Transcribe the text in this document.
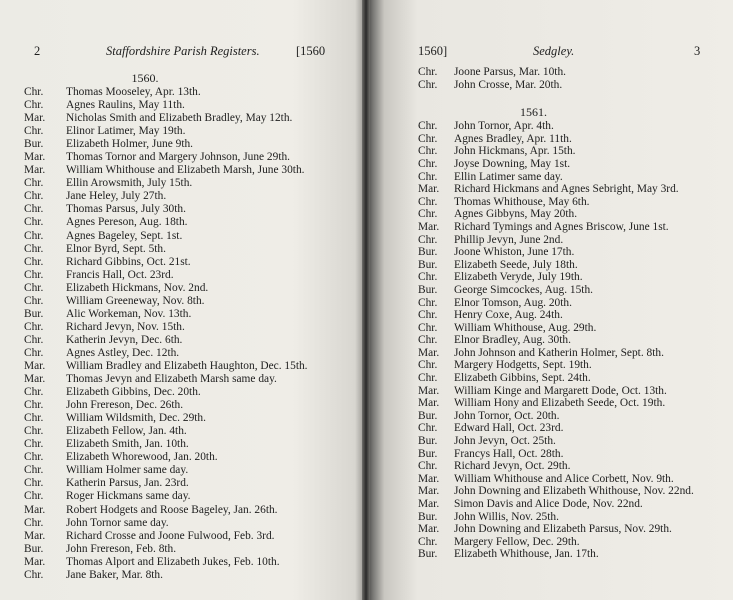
2	Staffordshire Parish Registers.	[1560
1560.
Chr.	Thomas Mooseley, Apr. 13th.
Chr.	Agnes Raulins, May 11th.
Mar.	Nicholas Smith and Elizabeth Bradley, May 12th.
Chr.	Elinor Latimer, May 19th.
Bur.	Elizabeth Holmer, June 9th.
Mar.	Thomas Tornor and Margery Johnson, June 29th.
Mar.	William Whithouse and Elizabeth Marsh, June 30th.
Chr.	Ellin Arowsmith, July 15th.
Chr.	Jane Heley, July 27th.
Chr.	Thomas Parsus, July 30th.
Chr.	Agnes Pereson, Aug. 18th.
Chr.	Agnes Bageley, Sept. 1st.
Chr.	Elnor Byrd, Sept. 5th.
Chr.	Richard Gibbins, Oct. 21st.
Chr.	Francis Hall, Oct. 23rd.
Chr.	Elizabeth Hickmans, Nov. 2nd.
Chr.	William Greeneway, Nov. 8th.
Bur.	Alic Workeman, Nov. 13th.
Chr.	Richard Jevyn, Nov. 15th.
Chr.	Katherin Jevyn, Dec. 6th.
Chr.	Agnes Astley, Dec. 12th.
Mar.	William Bradley and Elizabeth Haughton, Dec. 15th.
Mar.	Thomas Jevyn and Elizabeth Marsh same day.
Chr.	Elizabeth Gibbins, Dec. 20th.
Chr.	John Frereson, Dec. 26th.
Chr.	William Wildsmith, Dec. 29th.
Chr.	Elizabeth Fellow, Jan. 4th.
Chr.	Elizabeth Smith, Jan. 10th.
Chr.	Elizabeth Whorewood, Jan. 20th.
Chr.	William Holmer same day.
Chr.	Katherin Parsus, Jan. 23rd.
Chr.	Roger Hickmans same day.
Mar.	Robert Hodgets and Roose Bageley, Jan. 26th.
Chr.	John Tornor same day.
Mar.	Richard Crosse and Joone Fulwood, Feb. 3rd.
Bur.	John Frereson, Feb. 8th.
Mar.	Thomas Alport and Elizabeth Jukes, Feb. 10th.
Chr.	Jane Baker, Mar. 8th.
1560]	Sedgley.	3
Chr.	Joone Parsus, Mar. 10th.
Chr.	John Crosse, Mar. 20th.
1561.
Chr.	John Tornor, Apr. 4th.
Chr.	Agnes Bradley, Apr. 11th.
Chr.	John Hickmans, Apr. 15th.
Chr.	Joyse Downing, May 1st.
Chr.	Ellin Latimer same day.
Mar.	Richard Hickmans and Agnes Sebright, May 3rd.
Chr.	Thomas Whithouse, May 6th.
Chr.	Agnes Gibbyns, May 20th.
Mar.	Richard Tymings and Agnes Briscow, June 1st.
Chr.	Phillip Jevyn, June 2nd.
Bur.	Joone Whiston, June 17th.
Bur.	Elizabeth Seede, July 18th.
Chr.	Elizabeth Veryde, July 19th.
Bur.	George Simcockes, Aug. 15th.
Chr.	Elnor Tomson, Aug. 20th.
Chr.	Henry Coxe, Aug. 24th.
Chr.	William Whithouse, Aug. 29th.
Chr.	Elnor Bradley, Aug. 30th.
Mar.	John Johnson and Katherin Holmer, Sept. 8th.
Chr.	Margery Hodgetts, Sept. 19th.
Chr.	Elizabeth Gibbins, Sept. 24th.
Mar.	William Kinge and Margarett Dode, Oct. 13th.
Mar.	William Hony and Elizabeth Seede, Oct. 19th.
Bur.	John Tornor, Oct. 20th.
Chr.	Edward Hall, Oct. 23rd.
Bur.	John Jevyn, Oct. 25th.
Bur.	Francys Hall, Oct. 28th.
Chr.	Richard Jevyn, Oct. 29th.
Mar.	William Whithouse and Alice Corbett, Nov. 9th.
Mar.	John Downing and Elizabeth Whithouse, Nov. 22nd.
Mar.	Simon Davis and Alice Dode, Nov. 22nd.
Bur.	John Willis, Nov. 25th.
Mar.	John Downing and Elizabeth Parsus, Nov. 29th.
Chr.	Margery Fellow, Dec. 29th.
Bur.	Elizabeth Whithouse, Jan. 17th.
